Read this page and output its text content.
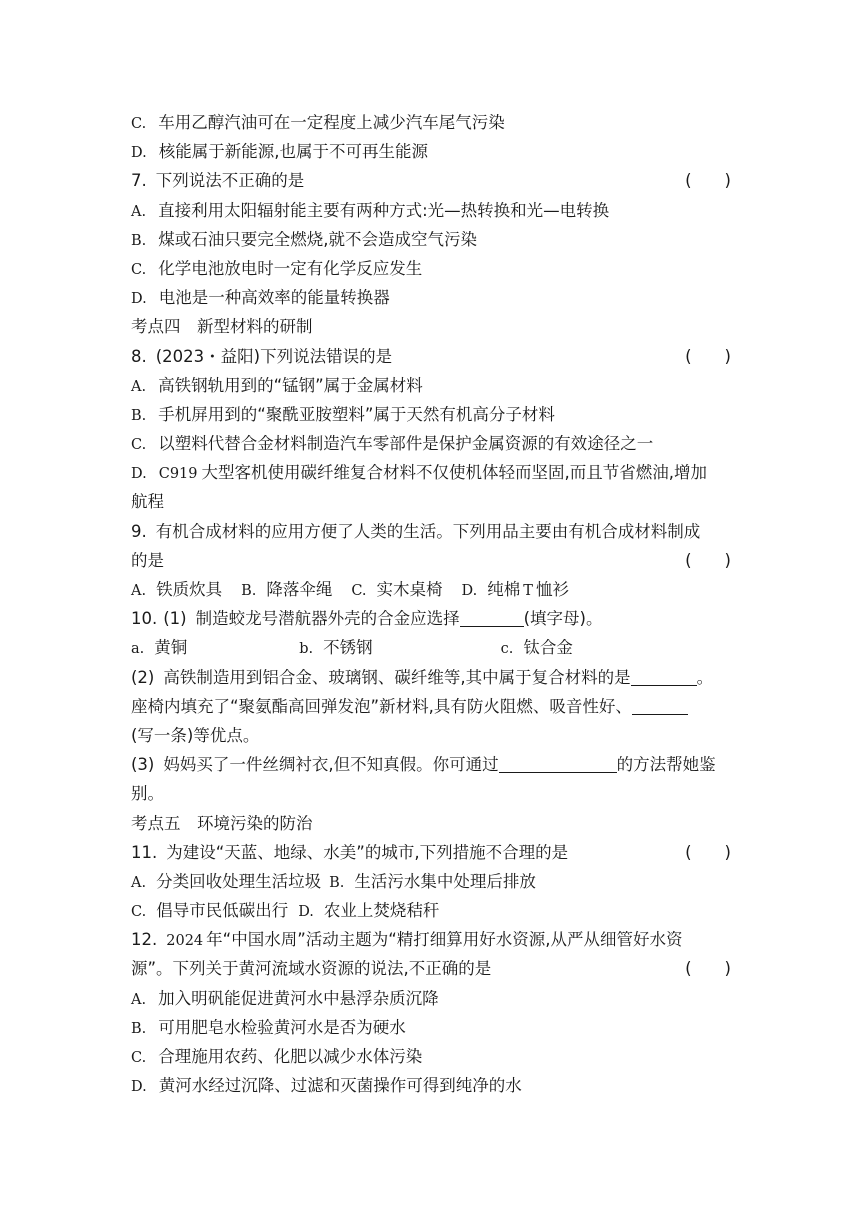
C. 车用乙醇汽油可在一定程度上减少汽车尾气污染
D. 核能属于新能源,也属于不可再生能源
7. 下列说法不正确的是	(　　)
A. 直接利用太阳辐射能主要有两种方式:光—热转换和光—电转换
B. 煤或石油只要完全燃烧,就不会造成空气污染
C. 化学电池放电时一定有化学反应发生
D. 电池是一种高效率的能量转换器
考点四　新型材料的研制
8. (2023・益阳)下列说法错误的是	(　　)
A. 高铁钢轨用到的“锰钢”属于金属材料
B. 手机屏用到的“聚酰亚胺塑料”属于天然有机高分子材料
C. 以塑料代替合金材料制造汽车零部件是保护金属资源的有效途径之一
D. C919 大型客机使用碳纤维复合材料不仅使机体轻而坚固,而且节省燃油,增加
航程
9. 有机合成材料的应用方便了人类的生活。下列用品主要由有机合成材料制成
的是	(　　)
A. 铁质炊具 B. 降落伞绳 C. 实木桌椅 D. 纯棉 T 恤衫
10. (1) 制造蛟龙号潜航器外壳的合金应选择	(填字母)。
a. 黄铜	b. 不锈钢	c. 钛合金
(2) 高铁制造用到铝合金、玻璃钢、碳纤维等,其中属于复合材料的是	。
座椅内填充了“聚氨酯高回弹发泡”新材料,具有防火阻燃、吸音性好、
(写一条)等优点。
(3) 妈妈买了一件丝绸衬衣,但不知真假。你可通过	的方法帮她鉴
别。
考点五　环境污染的防治
11. 为建设“天蓝、地绿、水美”的城市,下列措施不合理的是	(　　)
A. 分类回收处理生活垃圾 B. 生活污水集中处理后排放
C. 倡导市民低碳出行 D. 农业上焚烧秸秆
12. 2024 年“中国水周”活动主题为“精打细算用好水资源,从严从细管好水资
源”。下列关于黄河流域水资源的说法,不正确的是	(　　)
A. 加入明矾能促进黄河水中悬浮杂质沉降
B. 可用肥皂水检验黄河水是否为硬水
C. 合理施用农药、化肥以减少水体污染
D. 黄河水经过沉降、过滤和灭菌操作可得到纯净的水
